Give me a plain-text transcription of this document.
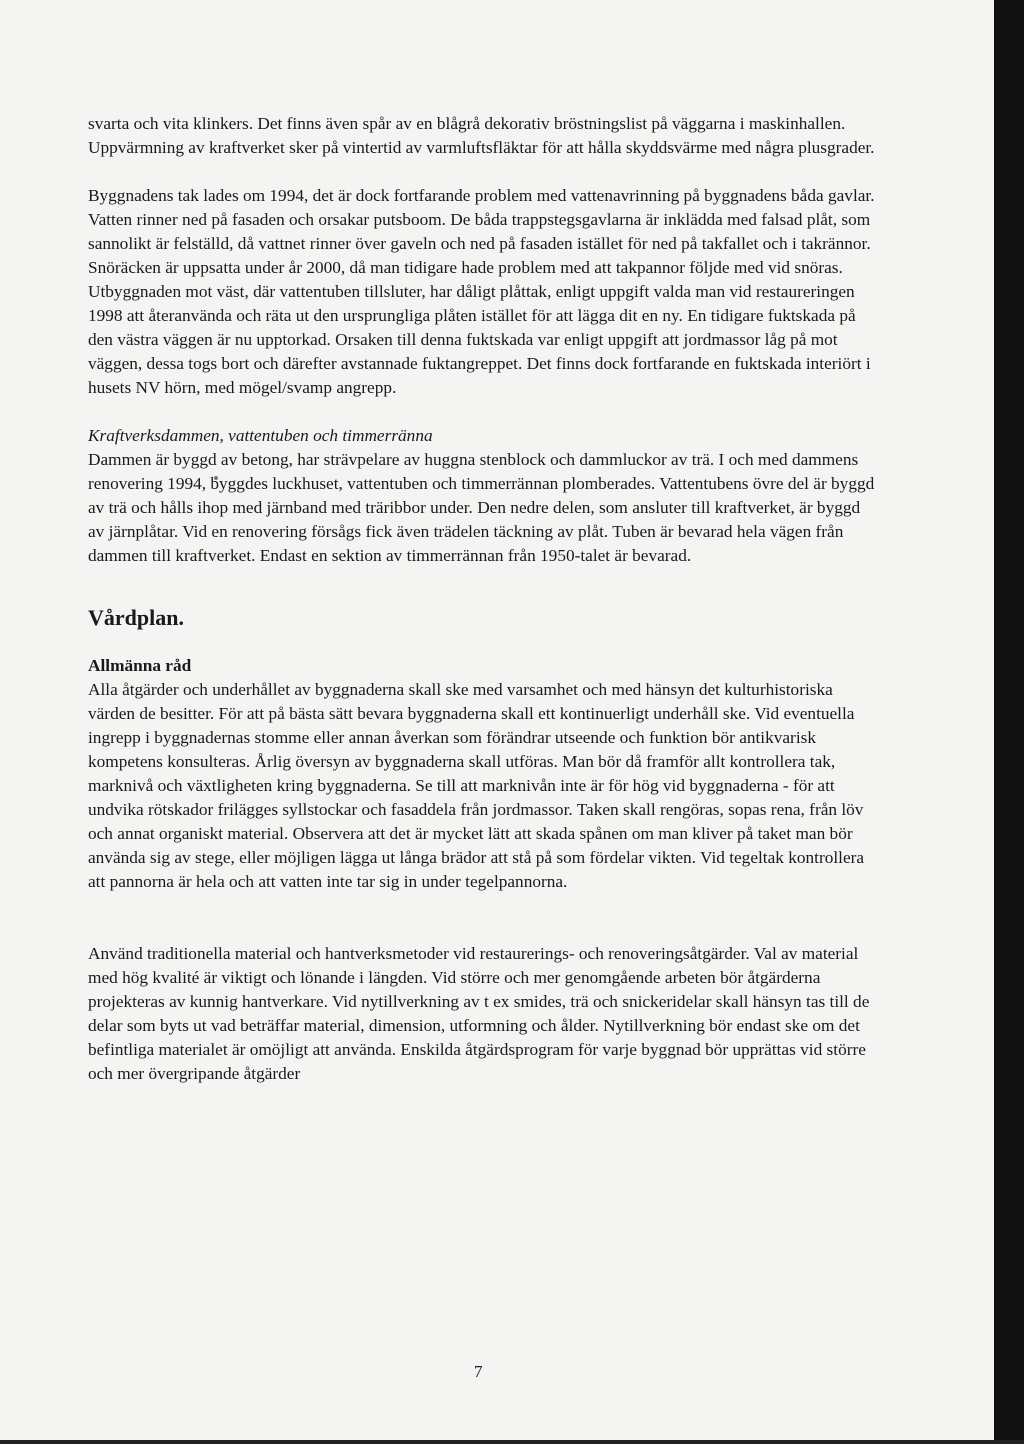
svarta och vita klinkers. Det finns även spår av en blågrå dekorativ bröstningslist på väggarna i maskinhallen. Uppvärmning av kraftverket sker på vintertid av varmluftsfläktar för att hålla skyddsvärme med några plusgrader.

Byggnadens tak lades om 1994, det är dock fortfarande problem med vattenavrinning på byggnadens båda gavlar. Vatten rinner ned på fasaden och orsakar putsboom. De båda trappstegsgavlarna är inklädda med falsad plåt, som sannolikt är felställd, då vattnet rinner över gaveln och ned på fasaden istället för ned på takfallet och i takrännor. Snöräcken är uppsatta under år 2000, då man tidigare hade problem med att takpannor följde med vid snöras. Utbyggnaden mot väst, där vattentuben tillsluter, har dåligt plåttak, enligt uppgift valda man vid restaureringen 1998 att återanvända och räta ut den ursprungliga plåten istället för att lägga dit en ny. En tidigare fuktskada på den västra väggen är nu upptorkad. Orsaken till denna fuktskada var enligt uppgift att jordmassor låg på mot väggen, dessa togs bort och därefter avstannade fuktangreppet. Det finns dock fortfarande en fuktskada interiört i husets NV hörn, med mögel/svamp angrepp.

Kraftverksdammen, vattentuben och timmerränna

Dammen är byggd av betong, har strävpelare av huggna stenblock och dammluckor av trä. I och med dammens renovering 1994, byggdes luckhuset, vattentuben och timmerrännan plomberades. Vattentubens övre del är byggd av trä och hålls ihop med järnband med träribbor under. Den nedre delen, som ansluter till kraftverket, är byggd av järnplåtar. Vid en renovering försågs fick även trädelen täckning av plåt. Tuben är bevarad hela vägen från dammen till kraftverket. Endast en sektion av timmerrännan från 1950-talet är bevarad.

Vårdplan.

Allmänna råd

Alla åtgärder och underhållet av byggnaderna skall ske med varsamhet och med hänsyn det kulturhistoriska värden de besitter. För att på bästa sätt bevara byggnaderna skall ett kontinuerligt underhåll ske. Vid eventuella ingrepp i byggnadernas stomme eller annan åverkan som förändrar utseende och funktion bör antikvarisk kompetens konsulteras. Årlig översyn av byggnaderna skall utföras. Man bör då framför allt kontrollera tak, marknivå och växtligheten kring byggnaderna. Se till att marknivån inte är för hög vid byggnaderna - för att undvika rötskador frilägges syllstockar och fasaddela från jordmassor. Taken skall rengöras, sopas rena, från löv och annat organiskt material. Observera att det är mycket lätt att skada spånen om man kliver på taket man bör använda sig av stege, eller möjligen lägga ut långa brädor att stå på som fördelar vikten. Vid tegeltak kontrollera att pannorna är hela och att vatten inte tar sig in under tegelpannorna.

Använd traditionella material och hantverksmetoder vid restaurerings- och renoveringsåtgärder. Val av material med hög kvalité är viktigt och lönande i längden. Vid större och mer genomgående arbeten bör åtgärderna projekteras av kunnig hantverkare. Vid nytillverkning av t ex smides, trä och snickeridelar skall hänsyn tas till de delar som byts ut vad beträffar material, dimension, utformning och ålder. Nytillverkning bör endast ske om det befintliga materialet är omöjligt att använda. Enskilda åtgärdsprogram för varje byggnad bör upprättas vid större och mer övergripande åtgärder

7
